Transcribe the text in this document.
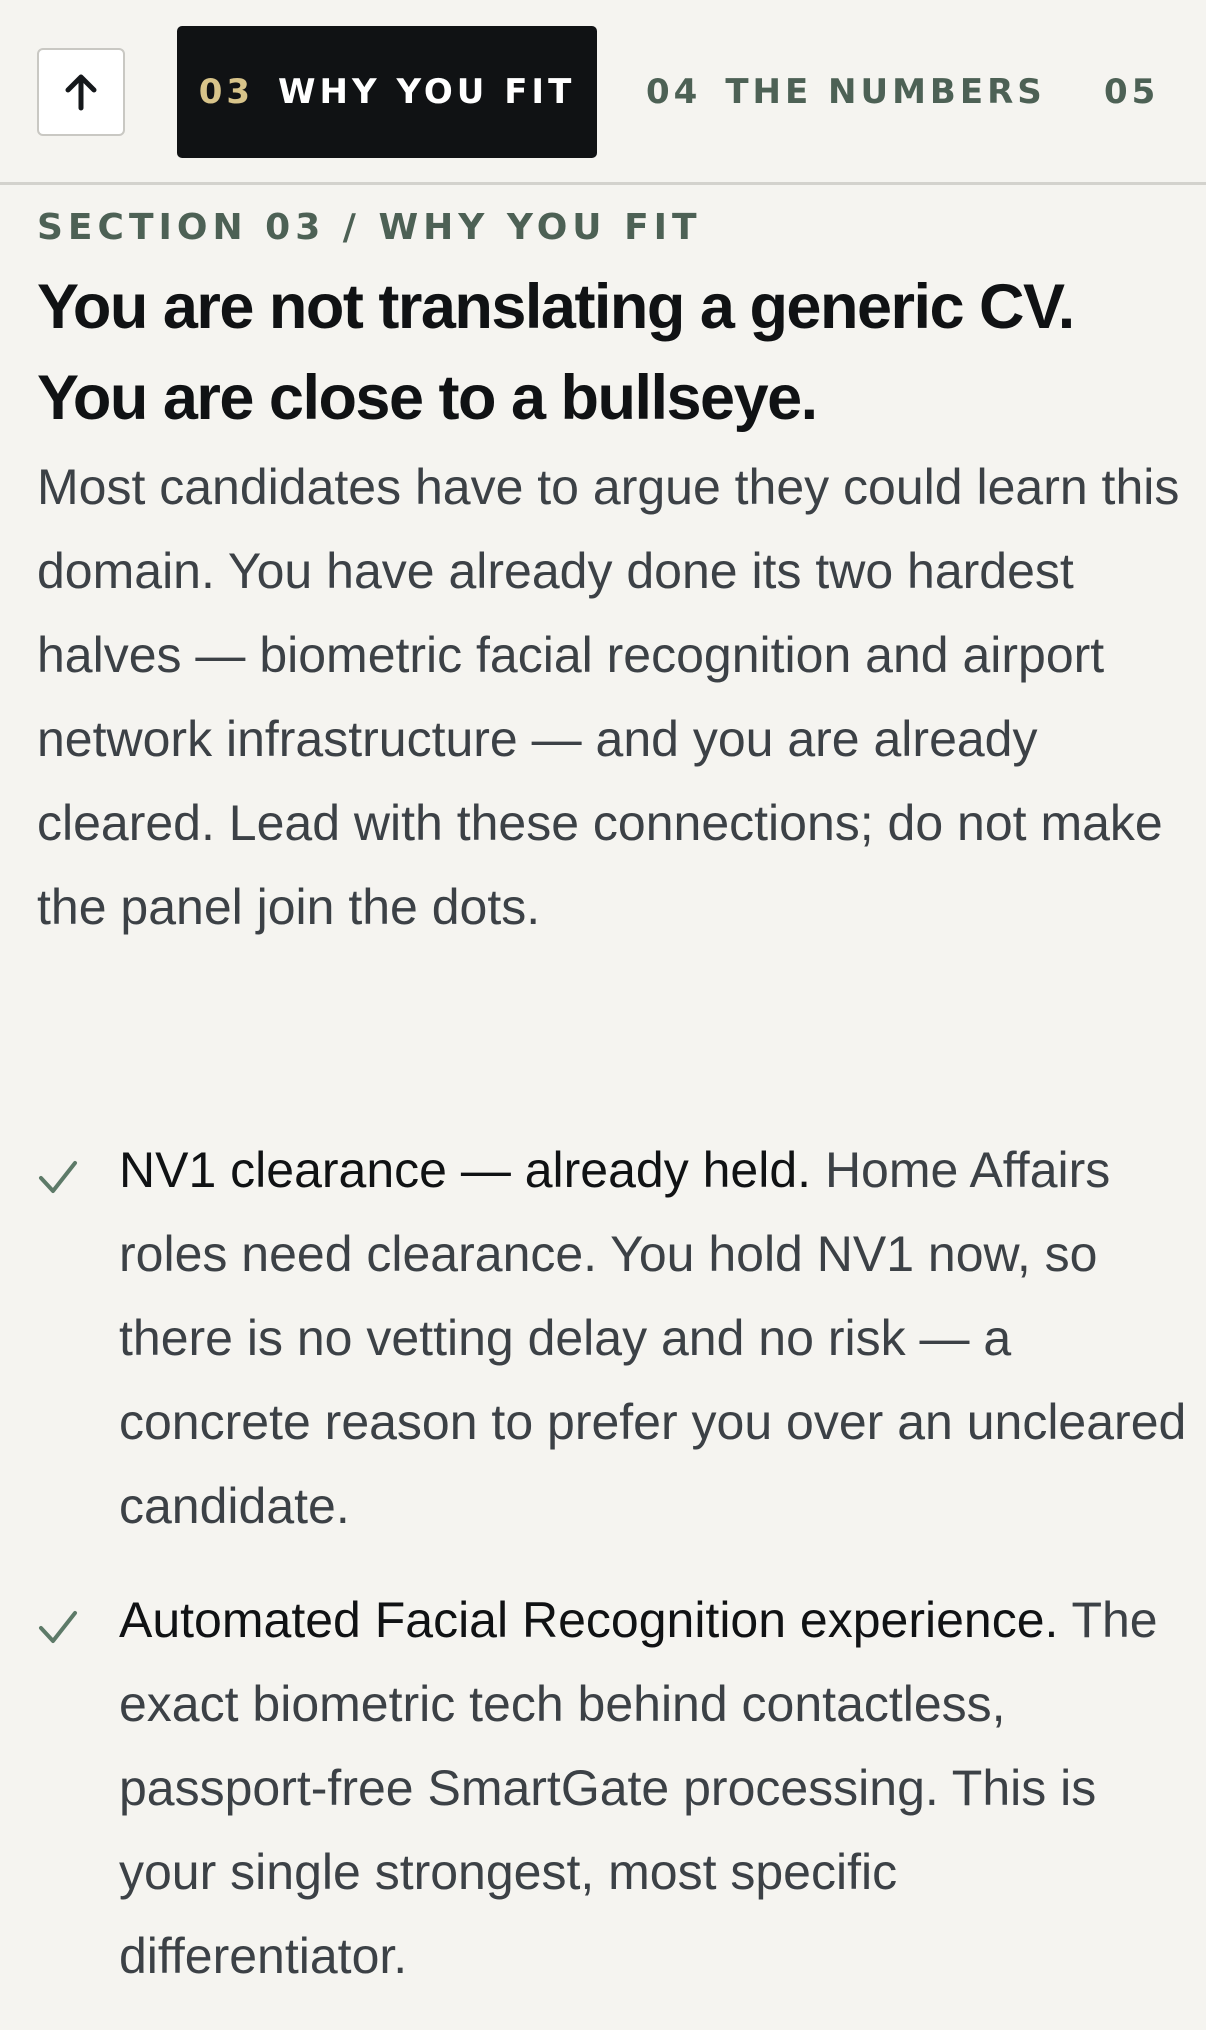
03 WHY YOU FIT 04 THE NUMBERS 05
SECTION 03 / WHY YOU FIT
You are not translating a generic CV.
You are close to a bullseye.

Most candidates have to argue they could learn this domain. You have already done its two hardest halves — biometric facial recognition and airport network infrastructure — and you are already cleared. Lead with these connections; do not make the panel join the dots.

NV1 clearance — already held. Home Affairs roles need clearance. You hold NV1 now, so there is no vetting delay and no risk — a concrete reason to prefer you over an uncleared candidate.
Automated Facial Recognition experience. The exact biometric tech behind contactless, passport-free SmartGate processing. This is your single strongest, most specific differentiator.
